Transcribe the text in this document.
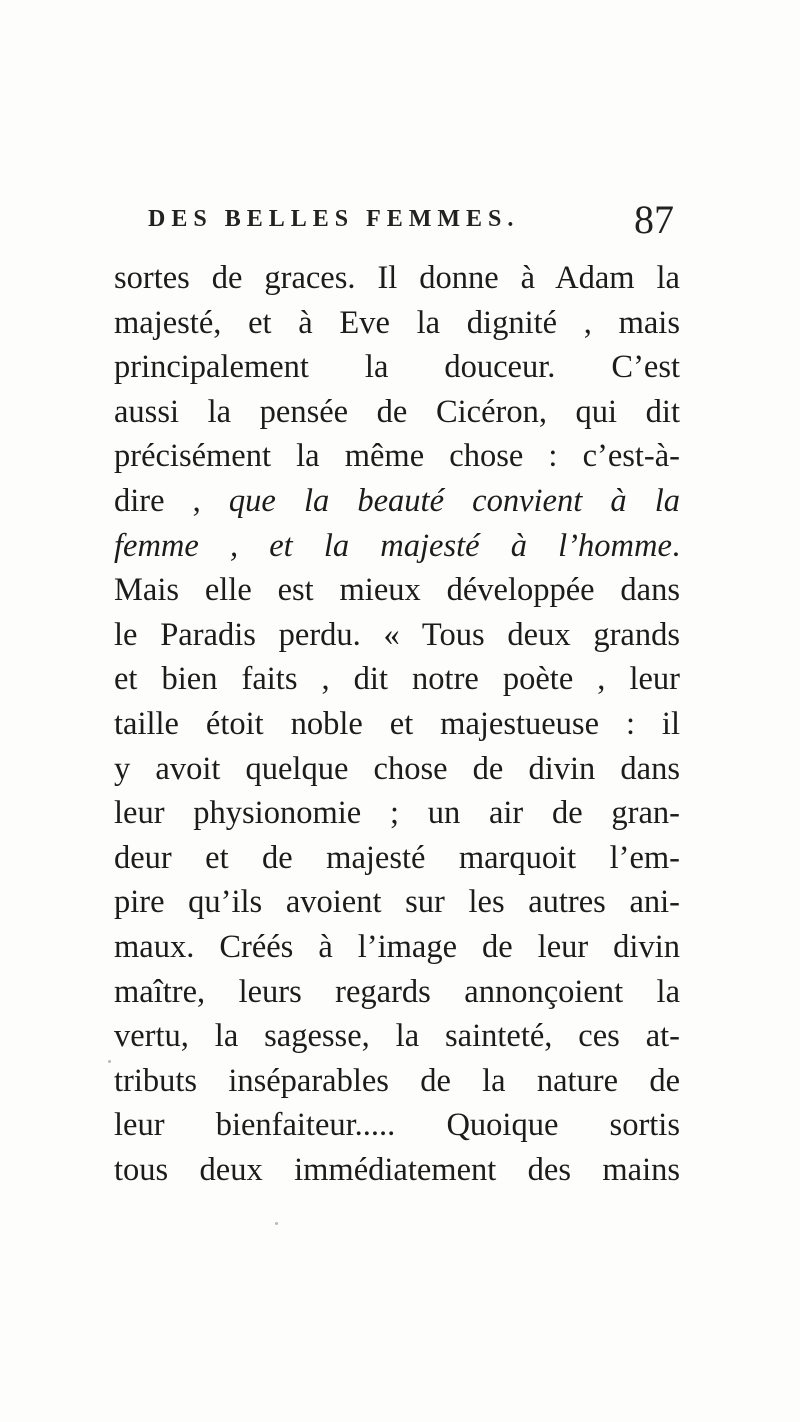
DES BELLES FEMMES.	87
sortes de graces. Il donne à Adam la
majesté, et à Eve la dignité , mais
principalement la douceur. C’est
aussi la pensée de Cicéron, qui dit
précisément la même chose : c’est-à-
dire , que la beauté convient à la
femme , et la majesté à l’homme.
Mais elle est mieux développée dans
le Paradis perdu. « Tous deux grands
et bien faits , dit notre poète , leur
taille étoit noble et majestueuse : il
y avoit quelque chose de divin dans
leur physionomie ; un air de gran-
deur et de majesté marquoit l’em-
pire qu’ils avoient sur les autres ani-
maux. Créés à l’image de leur divin
maître, leurs regards annonçoient la
vertu, la sagesse, la sainteté, ces at-
tributs inséparables de la nature de
leur bienfaiteur..... Quoique sortis
tous deux immédiatement des mains
